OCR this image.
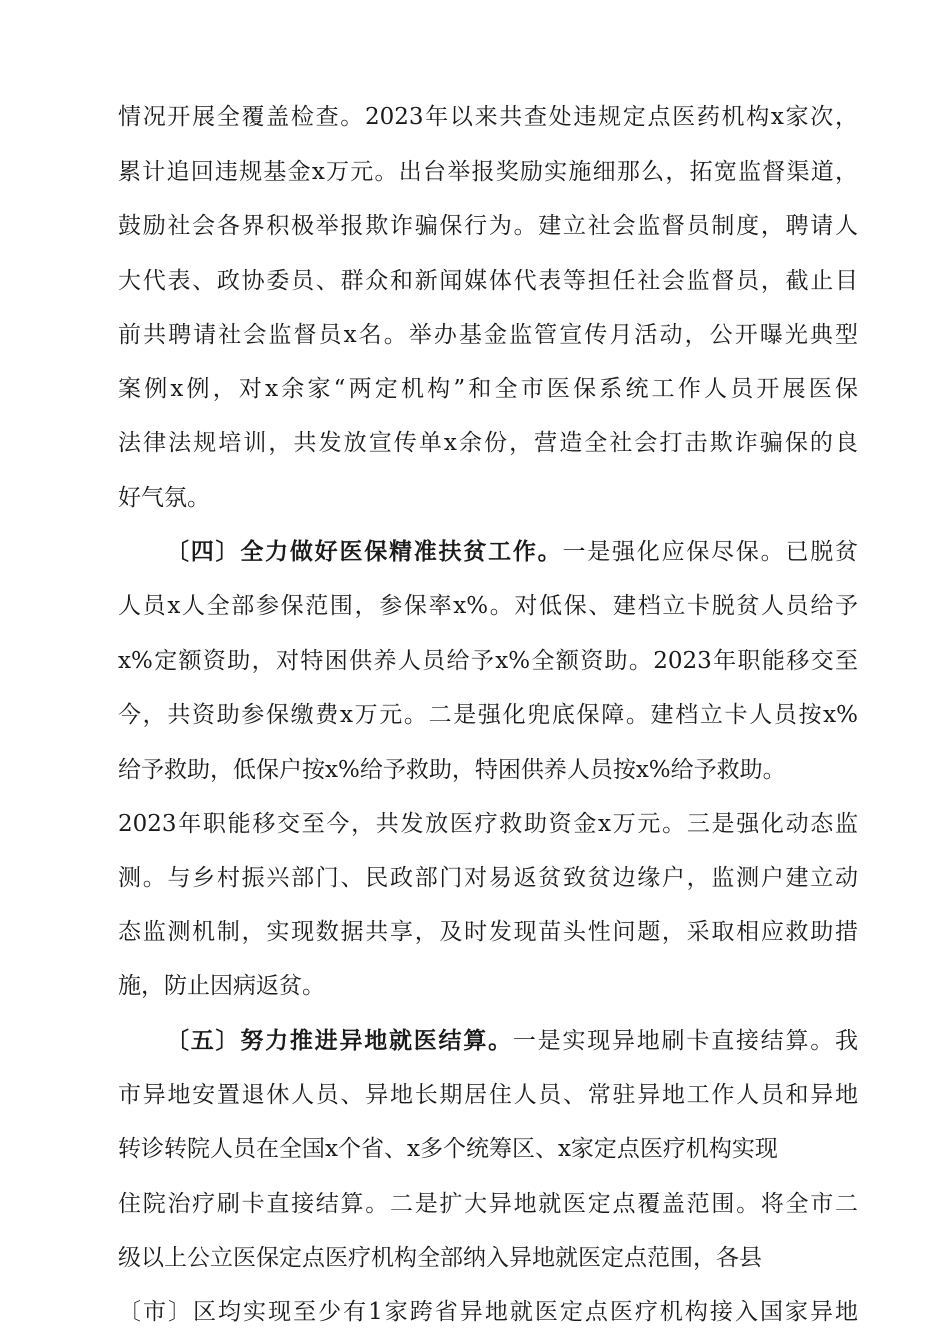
情况开展全覆盖检查。2023年以来共查处违规定点医药机构x家次，
累计追回违规基金x万元。出台举报奖励实施细那么，拓宽监督渠道，
鼓励社会各界积极举报欺诈骗保行为。建立社会监督员制度，聘请人
大代表、政协委员、群众和新闻媒体代表等担任社会监督员，截止目
前共聘请社会监督员x名。举办基金监管宣传月活动，公开曝光典型
案例x例，对x余家“两定机构”和全市医保系统工作人员开展医保
法律法规培训，共发放宣传单x余份，营造全社会打击欺诈骗保的良
好气氛。
〔四〕全力做好医保精准扶贫工作。一是强化应保尽保。已脱贫
人员x人全部参保范围，参保率x%。对低保、建档立卡脱贫人员给予
x%定额资助，对特困供养人员给予x%全额资助。2023年职能移交至
今，共资助参保缴费x万元。二是强化兜底保障。建档立卡人员按x%
给予救助，低保户按x%给予救助，特困供养人员按x%给予救助。
2023年职能移交至今，共发放医疗救助资金x万元。三是强化动态监
测。与乡村振兴部门、民政部门对易返贫致贫边缘户，监测户建立动
态监测机制，实现数据共享，及时发现苗头性问题，采取相应救助措
施，防止因病返贫。
〔五〕努力推进异地就医结算。一是实现异地刷卡直接结算。我
市异地安置退休人员、异地长期居住人员、常驻异地工作人员和异地
转诊转院人员在全国x个省、x多个统筹区、x家定点医疗机构实现
住院治疗刷卡直接结算。二是扩大异地就医定点覆盖范围。将全市二
级以上公立医保定点医疗机构全部纳入异地就医定点范围，各县
〔市〕区均实现至少有1家跨省异地就医定点医疗机构接入国家异地
